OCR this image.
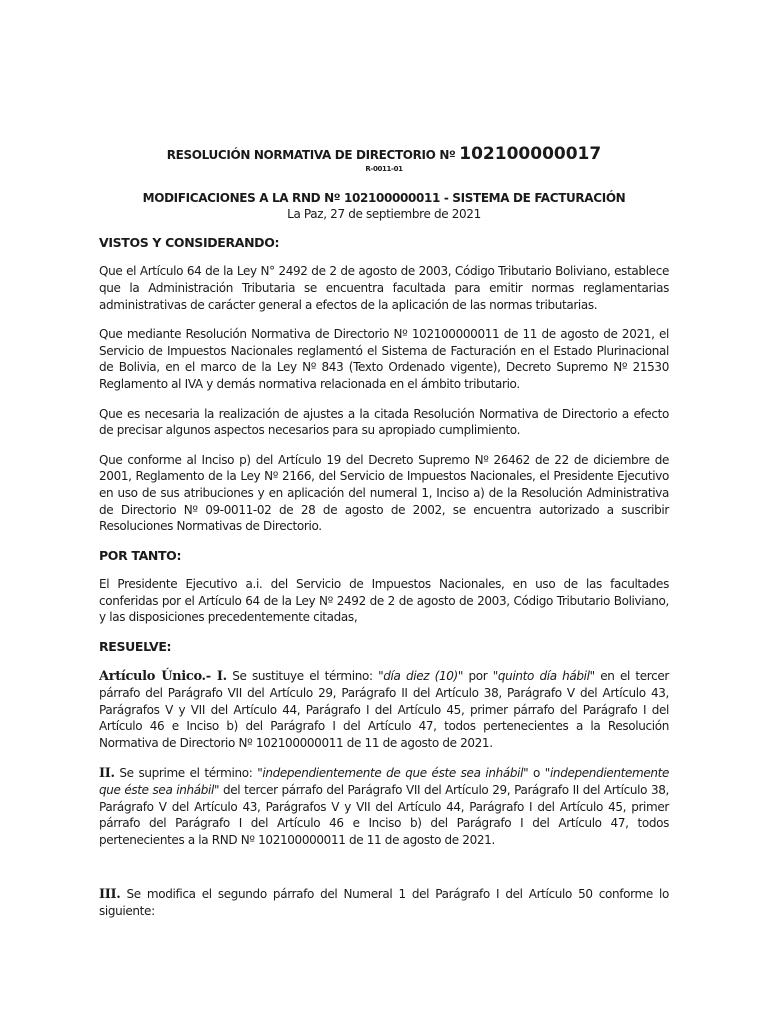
RESOLUCIÓN NORMATIVA DE DIRECTORIO Nº 102100000017
R-0011-01
MODIFICACIONES A LA RND Nº 102100000011 - SISTEMA DE FACTURACIÓN
La Paz, 27 de septiembre de 2021
VISTOS Y CONSIDERANDO:

Que el Artículo 64 de la Ley N° 2492 de 2 de agosto de 2003, Código Tributario Boliviano, establece que la Administración Tributaria se encuentra facultada para emitir normas reglamentarias administrativas de carácter general a efectos de la aplicación de las normas tributarias.

Que mediante Resolución Normativa de Directorio Nº 102100000011 de 11 de agosto de 2021, el Servicio de Impuestos Nacionales reglamentó el Sistema de Facturación en el Estado Plurinacional de Bolivia, en el marco de la Ley Nº 843 (Texto Ordenado vigente), Decreto Supremo Nº 21530 Reglamento al IVA y demás normativa relacionada en el ámbito tributario.

Que es necesaria la realización de ajustes a la citada Resolución Normativa de Directorio a efecto de precisar algunos aspectos necesarios para su apropiado cumplimiento.

Que conforme al Inciso p) del Artículo 19 del Decreto Supremo Nº 26462 de 22 de diciembre de 2001, Reglamento de la Ley Nº 2166, del Servicio de Impuestos Nacionales, el Presidente Ejecutivo en uso de sus atribuciones y en aplicación del numeral 1, Inciso a) de la Resolución Administrativa de Directorio Nº 09-0011-02 de 28 de agosto de 2002, se encuentra autorizado a suscribir Resoluciones Normativas de Directorio.

POR TANTO:

El Presidente Ejecutivo a.i. del Servicio de Impuestos Nacionales, en uso de las facultades conferidas por el Artículo 64 de la Ley Nº 2492 de 2 de agosto de 2003, Código Tributario Boliviano, y las disposiciones precedentemente citadas,

RESUELVE:

Artículo Único.- I. Se sustituye el término: "día diez (10)" por "quinto día hábil" en el tercer párrafo del Parágrafo VII del Artículo 29, Parágrafo II del Artículo 38, Parágrafo V del Artículo 43, Parágrafos V y VII del Artículo 44, Parágrafo I del Artículo 45, primer párrafo del Parágrafo I del Artículo 46 e Inciso b) del Parágrafo I del Artículo 47, todos pertenecientes a la Resolución Normativa de Directorio Nº 102100000011 de 11 de agosto de 2021.

II. Se suprime el término: "independientemente de que éste sea inhábil" o "independientemente que éste sea inhábil" del tercer párrafo del Parágrafo VII del Artículo 29, Parágrafo II del Artículo 38, Parágrafo V del Artículo 43, Parágrafos V y VII del Artículo 44, Parágrafo I del Artículo 45, primer párrafo del Parágrafo I del Artículo 46 e Inciso b) del Parágrafo I del Artículo 47, todos pertenecientes a la RND Nº 102100000011 de 11 de agosto de 2021.

III. Se modifica el segundo párrafo del Numeral 1 del Parágrafo I del Artículo 50 conforme lo siguiente:
